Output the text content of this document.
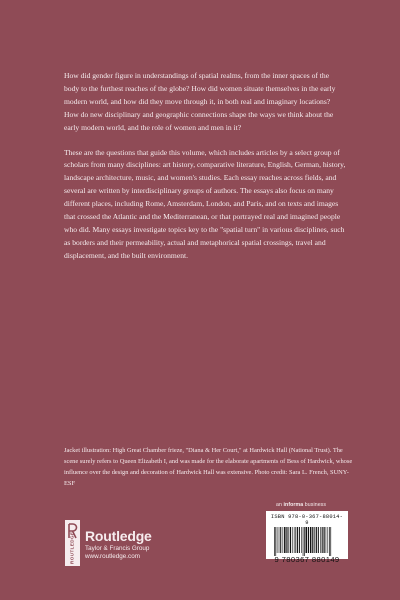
How did gender figure in understandings of spatial realms, from the inner spaces of the body to the furthest reaches of the globe? How did women situate themselves in the early modern world, and how did they move through it, in both real and imaginary locations? How do new disciplinary and geographic connections shape the ways we think about the early modern world, and the role of women and men in it?

These are the questions that guide this volume, which includes articles by a select group of scholars from many disciplines: art history, comparative literature, English, German, history, landscape architecture, music, and women's studies. Each essay reaches across fields, and several are written by interdisciplinary groups of authors. The essays also focus on many different places, including Rome, Amsterdam, London, and Paris, and on texts and images that crossed the Atlantic and the Mediterranean, or that portrayed real and imagined people who did. Many essays investigate topics key to the "spatial turn" in various disciplines, such as borders and their permeability, actual and metaphorical spatial crossings, travel and displacement, and the built environment.

Jacket illustration: High Great Chamber frieze, "Diana & Her Court," at Hardwick Hall (National Trust). The scene surely refers to Queen Elizabeth I, and was made for the elaborate apartments of Bess of Hardwick, whose influence over the design and decoration of Hardwick Hall was extensive. Photo credit: Sara L. French, SUNY-ESF
an informa business
ISBN 978-0-367-88014-9
9 780367 880149
ROUTLEDGE Routledge
Taylor & Francis Group
www.routledge.com
